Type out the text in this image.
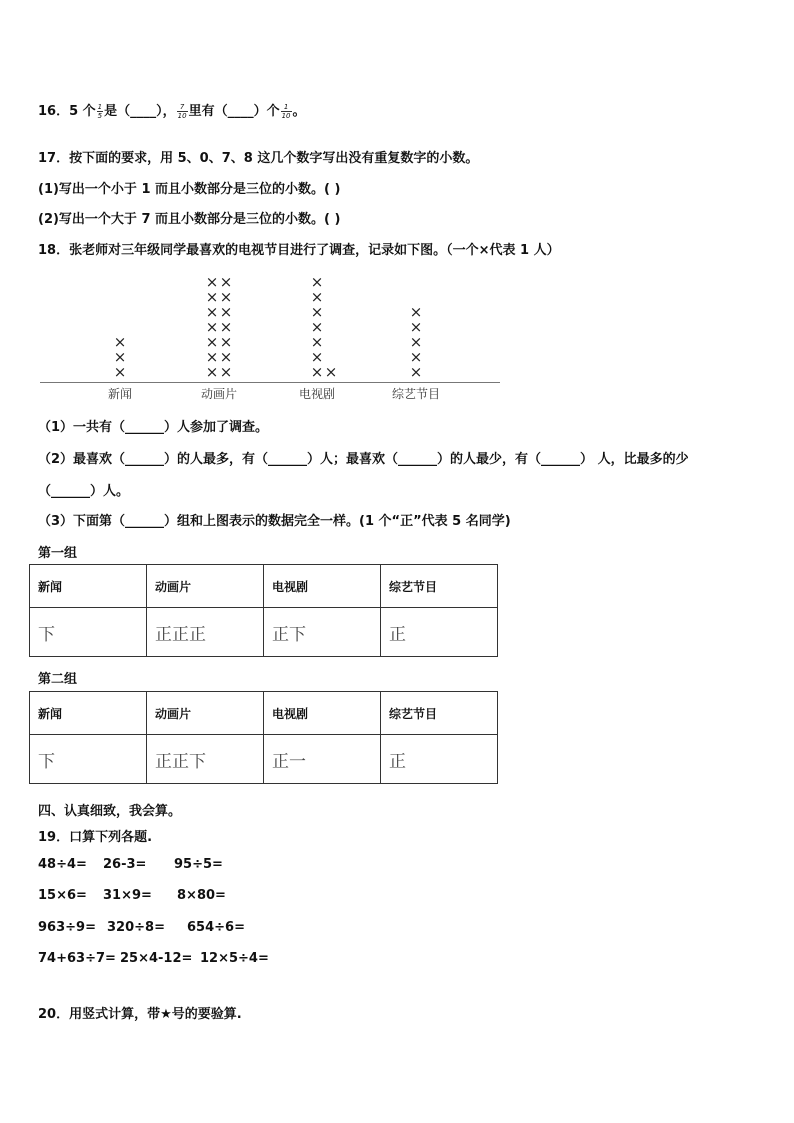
16．5 个 $\frac{1}{5}$ 是（____）， $\frac{7}{10}$ 里有（____）个 $\frac{1}{10}$ 。
17．按下面的要求，用 5、0、7、8 这几个数字写出没有重复数字的小数。
(1)写出一个小于 1 而且小数部分是三位的小数。( )
(2)写出一个大于 7 而且小数部分是三位的小数。( )
18．张老师对三年级同学最喜欢的电视节目进行了调查，记录如下图。（一个×代表 1 人）
×
×
×
新闻
× ×
× ×
× ×
× ×
× ×
× ×
× ×
动画片
× ×
×
×
×
×
×
×
电视剧
×
×
×
×
×
综艺节目
（1）一共有（______）人参加了调查。
（2）最喜欢（______）的人最多，有（______）人；最喜欢（______）的人最少，有（______） 人，比最多的少
（______）人。
（3）下面第（______）组和上图表示的数据完全一样。(1 个“正”代表 5 名同学)
第一组
新闻	动画片	电视剧	综艺节目
下	正正正	正下	正
第二组
新闻	动画片	电视剧	综艺节目
下	正正下	正一	正
四、认真细致，我会算。
19．口算下列各题.
48÷4= 26-3= 95÷5=
15×6= 31×9= 8×80=
963÷9= 320÷8= 654÷6=
74+63÷7= 25×4-12= 12×5÷4=
20．用竖式计算，带★号的要验算.
